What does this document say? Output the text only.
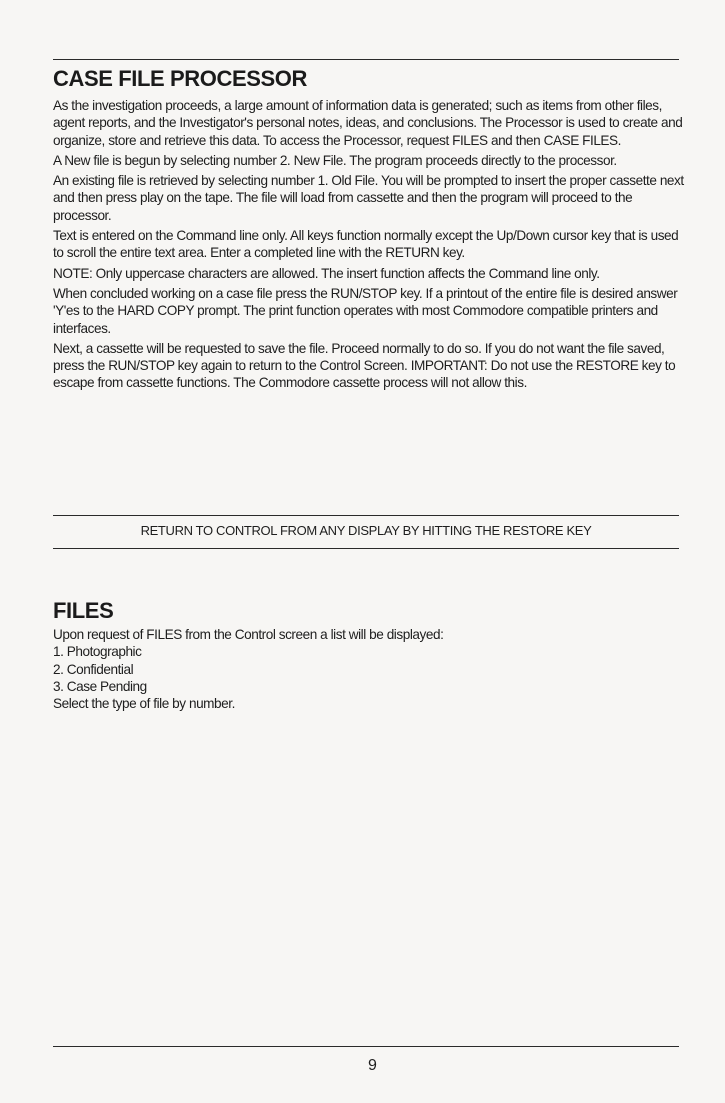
CASE FILE PROCESSOR

As the investigation proceeds, a large amount of information data is generated; such as items from other files, agent reports, and the Investigator's personal notes, ideas, and conclusions. The Processor is used to create and organize, store and retrieve this data. To access the Processor, request FILES and then CASE FILES.

A New file is begun by selecting number 2. New File. The program proceeds directly to the processor.

An existing file is retrieved by selecting number 1. Old File. You will be prompted to insert the proper cassette next and then press play on the tape. The file will load from cassette and then the program will proceed to the processor.

Text is entered on the Command line only. All keys function normally except the Up/Down cursor key that is used to scroll the entire text area. Enter a completed line with the RETURN key.

NOTE: Only uppercase characters are allowed. The insert function affects the Command line only.

When concluded working on a case file press the RUN/STOP key. If a printout of the entire file is desired answer 'Y'es to the HARD COPY prompt. The print function operates with most Commodore compatible printers and interfaces.

Next, a cassette will be requested to save the file. Proceed normally to do so. If you do not want the file saved, press the RUN/STOP key again to return to the Control Screen. IMPORTANT: Do not use the RESTORE key to escape from cassette functions. The Commodore cassette process will not allow this.

RETURN TO CONTROL FROM ANY DISPLAY BY HITTING THE RESTORE KEY
FILES

Upon request of FILES from the Control screen a list will be displayed:

1. Photographic
2. Confidential
3. Case Pending

Select the type of file by number.

9
